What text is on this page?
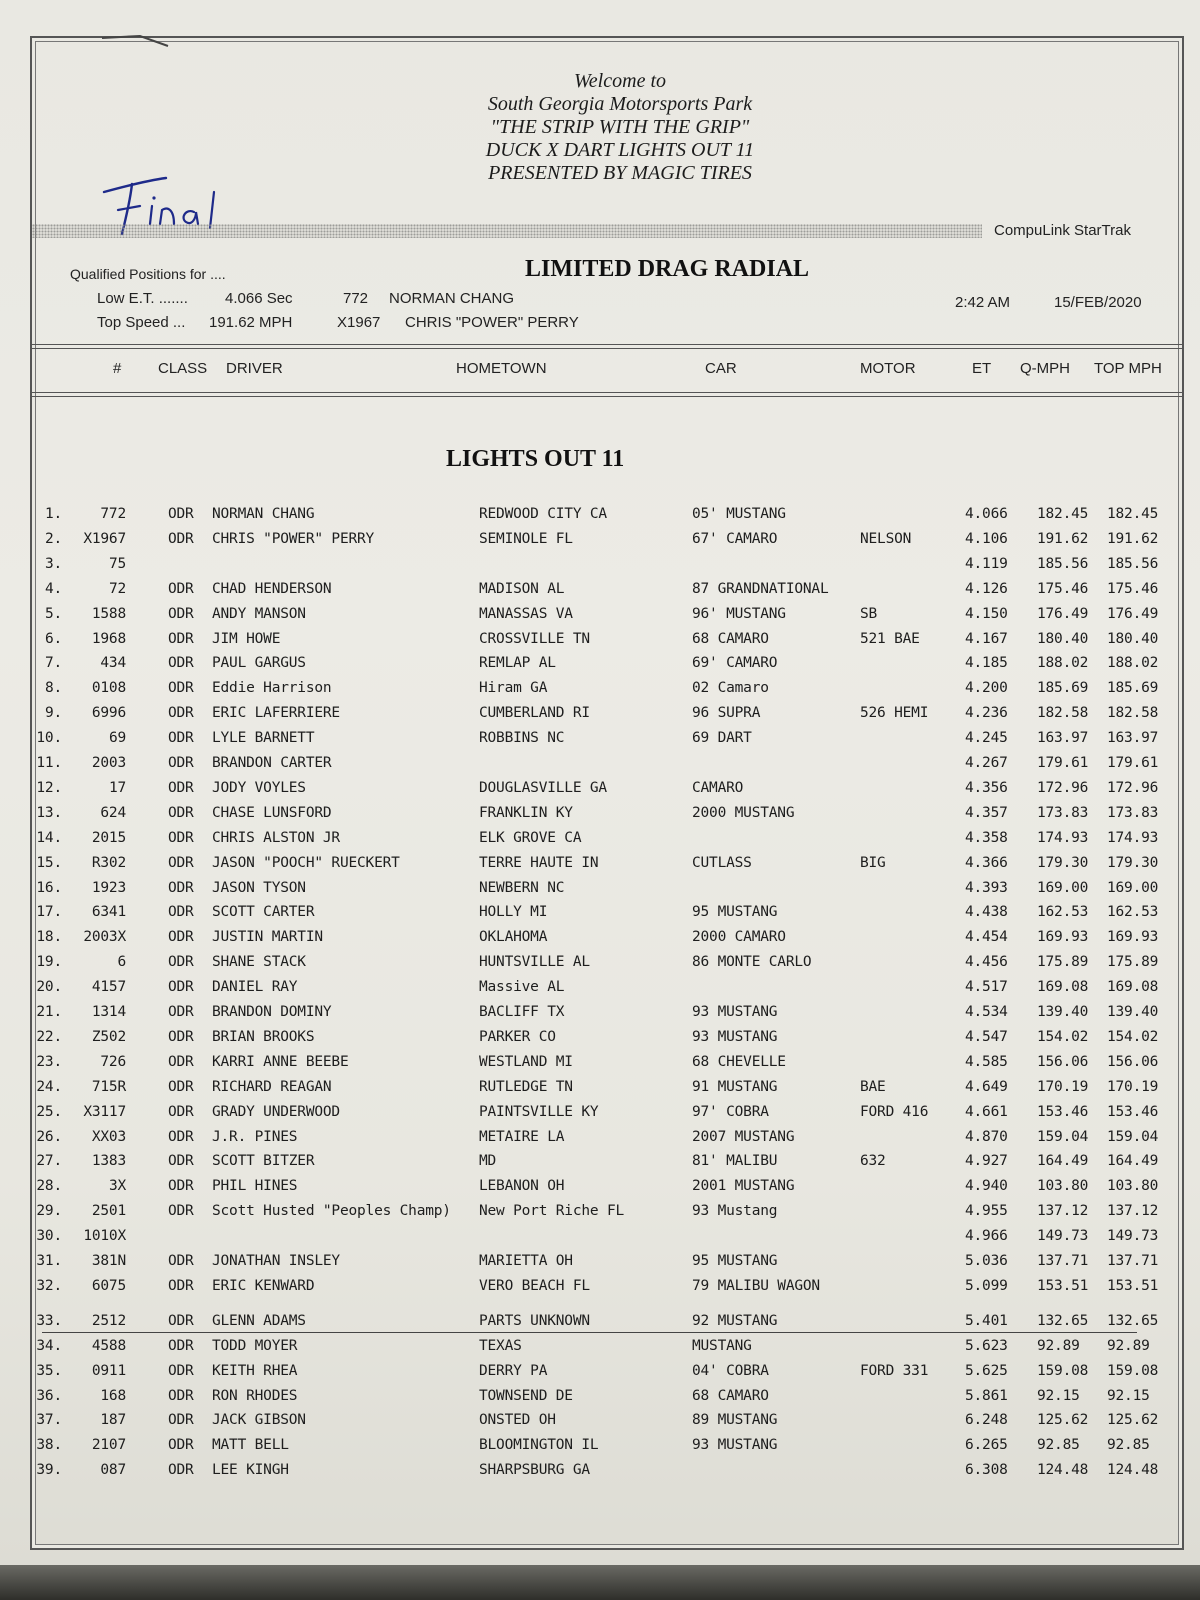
Welcome to
South Georgia Motorsports Park
"THE STRIP WITH THE GRIP"
DUCK X DART LIGHTS OUT 11
PRESENTED BY MAGIC TIRES
CompuLink StarTrak
LIMITED DRAG RADIAL
Qualified Positions for ....
Low E.T. ....... 4.066 Sec	772 NORMAN CHANG
Top Speed ... 191.62 MPH	X1967 CHRIS "POWER" PERRY
2:42 AM	15/FEB/2020
# CLASS DRIVER	HOMETOWN	CAR	MOTOR	ET Q-MPH TOP MPH
LIGHTS OUT 11
1.	772	ODR NORMAN CHANG	REDWOOD CITY CA	05' MUSTANG	4.066 182.45 182.45
2.	X1967	ODR CHRIS "POWER" PERRY	SEMINOLE FL	67' CAMARO	NELSON	4.106 191.62 191.62
3.	75	4.119 185.56 185.56
4.	72	ODR CHAD HENDERSON	MADISON AL	87 GRANDNATIONAL	4.126 175.46 175.46
5.	1588	ODR ANDY MANSON	MANASSAS VA	96' MUSTANG	SB	4.150 176.49 176.49
6.	1968	ODR JIM HOWE	CROSSVILLE TN	68 CAMARO	521 BAE	4.167 180.40 180.40
7.	434	ODR PAUL GARGUS	REMLAP AL	69' CAMARO	4.185 188.02 188.02
8.	0108	ODR Eddie Harrison	Hiram GA	02 Camaro	4.200 185.69 185.69
9.	6996	ODR ERIC LAFERRIERE	CUMBERLAND RI	96 SUPRA	526 HEMI	4.236 182.58 182.58
10.	69	ODR LYLE BARNETT	ROBBINS NC	69 DART	4.245 163.97 163.97
11.	2003	ODR BRANDON CARTER	4.267 179.61 179.61
12.	17	ODR JODY VOYLES	DOUGLASVILLE GA	CAMARO	4.356 172.96 172.96
13.	624	ODR CHASE LUNSFORD	FRANKLIN KY	2000 MUSTANG	4.357 173.83 173.83
14.	2015	ODR CHRIS ALSTON JR	ELK GROVE CA	4.358 174.93 174.93
15.	R302	ODR JASON "POOCH" RUECKERT	TERRE HAUTE IN	CUTLASS	BIG	4.366 179.30 179.30
16.	1923	ODR JASON TYSON	NEWBERN NC	4.393 169.00 169.00
17.	6341	ODR SCOTT CARTER	HOLLY MI	95 MUSTANG	4.438 162.53 162.53
18.	2003X	ODR JUSTIN MARTIN	OKLAHOMA	2000 CAMARO	4.454 169.93 169.93
19.	6	ODR SHANE STACK	HUNTSVILLE AL	86 MONTE CARLO	4.456 175.89 175.89
20.	4157	ODR DANIEL RAY	Massive AL	4.517 169.08 169.08
21.	1314	ODR BRANDON DOMINY	BACLIFF TX	93 MUSTANG	4.534 139.40 139.40
22.	Z502	ODR BRIAN BROOKS	PARKER CO	93 MUSTANG	4.547 154.02 154.02
23.	726	ODR KARRI ANNE BEEBE	WESTLAND MI	68 CHEVELLE	4.585 156.06 156.06
24.	715R	ODR RICHARD REAGAN	RUTLEDGE TN	91 MUSTANG	BAE	4.649 170.19 170.19
25.	X3117	ODR GRADY UNDERWOOD	PAINTSVILLE KY	97' COBRA	FORD 416	4.661 153.46 153.46
26.	XX03	ODR J.R. PINES	METAIRE LA	2007 MUSTANG	4.870 159.04 159.04
27.	1383	ODR SCOTT BITZER	MD	81' MALIBU	632	4.927 164.49 164.49
28.	3X	ODR PHIL HINES	LEBANON OH	2001 MUSTANG	4.940 103.80 103.80
29.	2501	ODR Scott Husted "Peoples Champ) New Port Riche FL	93 Mustang	4.955 137.12 137.12
30.	1010X	4.966 149.73 149.73
31.	381N	ODR JONATHAN INSLEY	MARIETTA OH	95 MUSTANG	5.036 137.71 137.71
32.	6075	ODR ERIC KENWARD	VERO BEACH FL	79 MALIBU WAGON	5.099 153.51 153.51
33.	2512	ODR GLENN ADAMS	PARTS UNKNOWN	92 MUSTANG	5.401 132.65 132.65
34.	4588	ODR TODD MOYER	TEXAS	MUSTANG	5.623 92.89 92.89
35.	0911	ODR KEITH RHEA	DERRY PA	04' COBRA	FORD 331	5.625 159.08 159.08
36.	168	ODR RON RHODES	TOWNSEND DE	68 CAMARO	5.861 92.15 92.15
37.	187	ODR JACK GIBSON	ONSTED OH	89 MUSTANG	6.248 125.62 125.62
38.	2107	ODR MATT BELL	BLOOMINGTON IL	93 MUSTANG	6.265 92.85 92.85
39.	087	ODR LEE KINGH	SHARPSBURG GA	6.308 124.48 124.48
